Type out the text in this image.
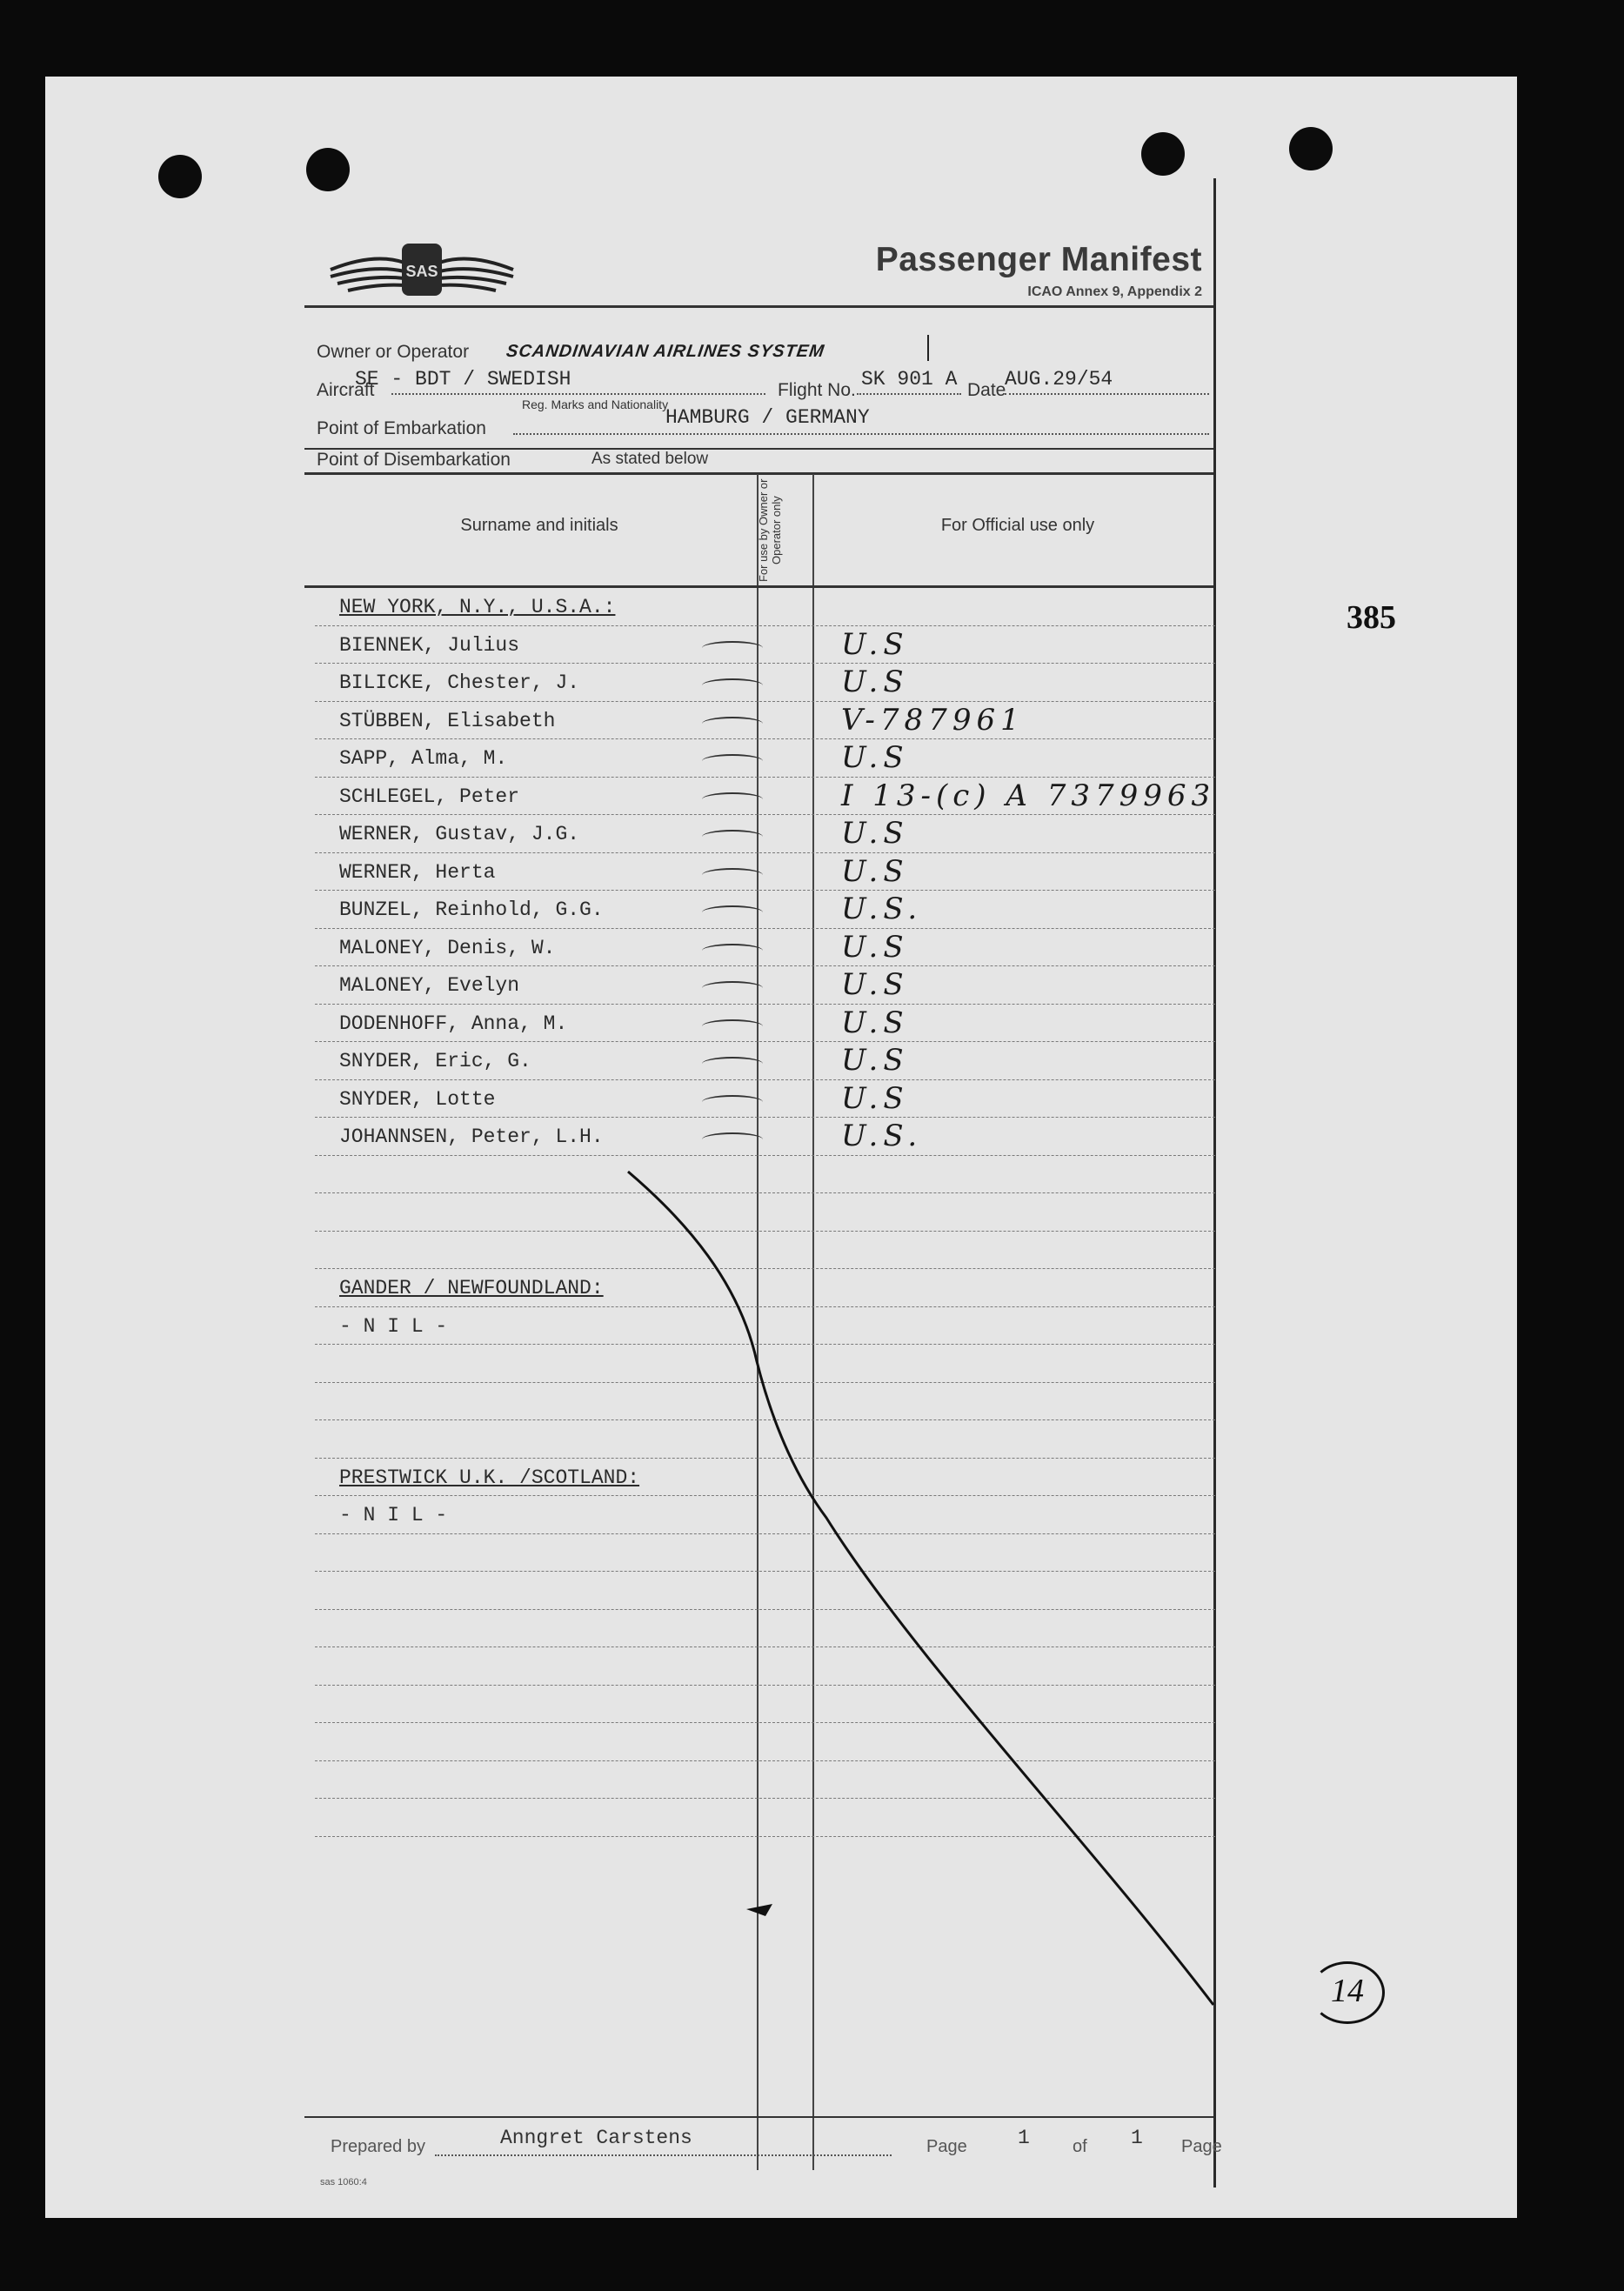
385
14
SAS	Passenger Manifest
ICAO Annex 9, Appendix 2
Owner or Operator SCANDINAVIAN AIRLINES SYSTEM
Aircraft
SE - BDT / SWEDISH
Reg. Marks and Nationality
Flight No. SK 901 A Date
AUG.29/54
Point of Embarkation	HAMBURG / GERMANY
Point of Disembarkation	As stated below
Surname and initials	For use by Owner or Operator only	For Official use only
NEW YORK, N.Y., U.S.A.:
BIENNEK, Julius	U.S
BILICKE, Chester, J.	U.S
STÜBBEN, Elisabeth	V-787961
SAPP, Alma, M.	U.S
SCHLEGEL, Peter	I 13-(c) A 7379963
WERNER, Gustav, J.G.	U.S
WERNER, Herta	U.S
BUNZEL, Reinhold, G.G.	U.S.
MALONEY, Denis, W.	U.S
MALONEY, Evelyn	U.S
DODENHOFF, Anna, M.	U.S
SNYDER, Eric, G.	U.S
SNYDER, Lotte	U.S
JOHANNSEN, Peter, L.H.	U.S.
GANDER / NEWFOUNDLAND:
- N I L -
PRESTWICK U.K. /SCOTLAND:
- N I L -
Prepared by	Anngret Carstens	Page	1 of 1 Page
sas 1060:4
